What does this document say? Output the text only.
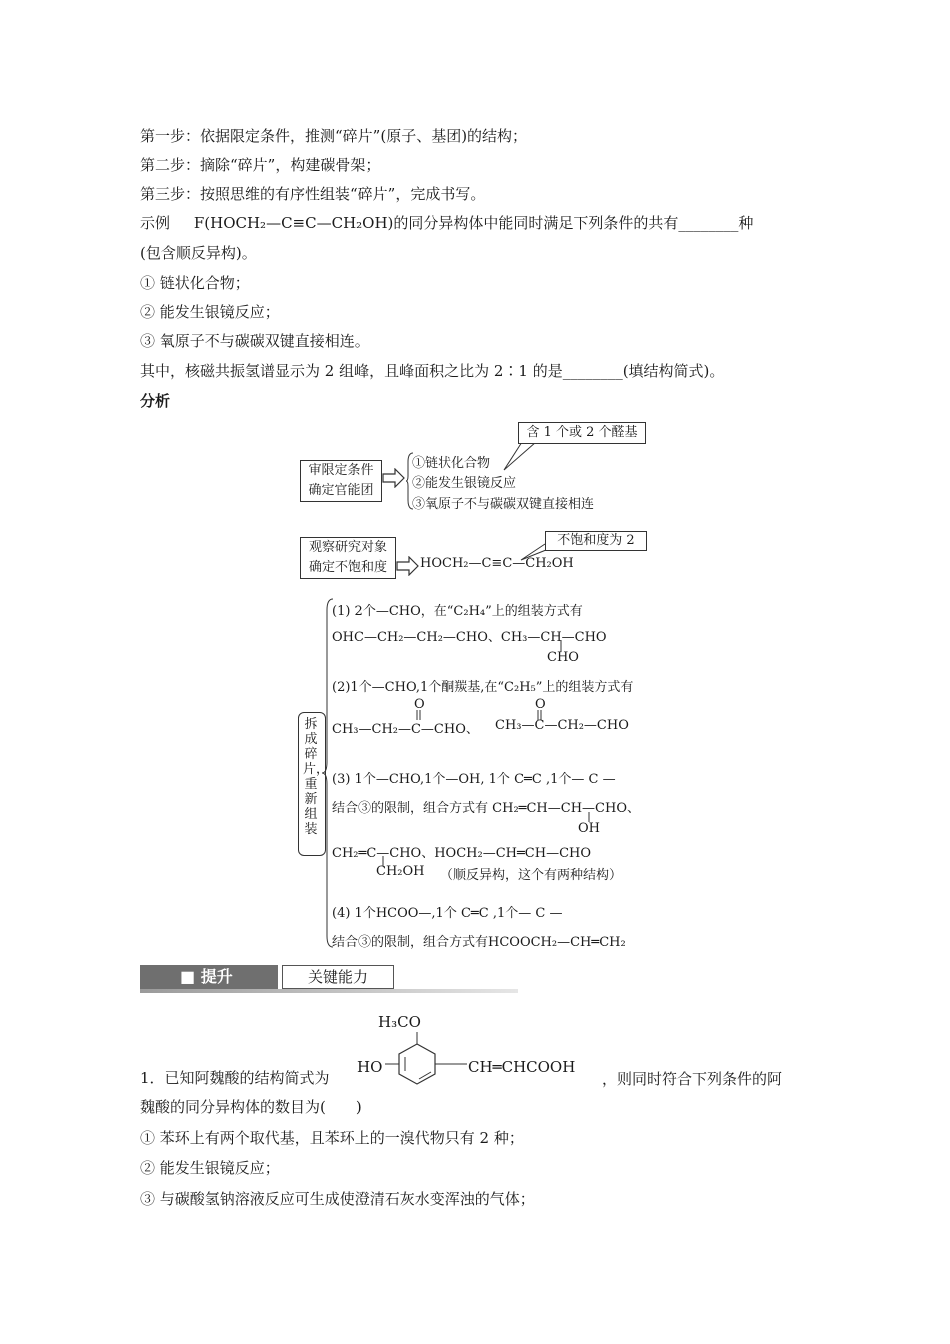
第一步：依据限定条件，推测“碎片”(原子、基团)的结构；
第二步：摘除“碎片”，构建碳骨架；
第三步：按照思维的有序性组装“碎片”，完成书写。
示例 F(HOCH₂—C≡C—CH₂OH)的同分异构体中能同时满足下列条件的共有________种
(包含顺反异构)。
① 链状化合物；
② 能发生银镜反应；
③ 氧原子不与碳碳双键直接相连。
其中，核磁共振氢谱显示为 2 组峰，且峰面积之比为 2∶1 的是________(填结构简式)。
分析
审限定条件
确定官能团
①链状化合物
②能发生银镜反应
③氧原子不与碳碳双键直接相连
含 1 个或 2 个醛基
观察研究对象
确定不饱和度	HOCH₂—C≡C—CH₂OH
不饱和度为 2
拆成碎片，重新组装
(1) 2个—CHO，在“C₂H₄”上的组装方式有
OHC—CH₂—CH₂—CHO、CH₃—CH—CHO
CHO
(2)1个—CHO,1个酮羰基,在“C₂H₅”上的组装方式有
O	O
CH₃—CH₂—C—CHO、 CH₃—C—CH₂—CHO
(3) 1个—CHO,1个—OH, 1个 C═C ,1个— C —
结合③的限制，组合方式有 CH₂═CH—CH—CHO、
OH
CH₂═C—CHO、HOCH₂—CH═CH—CHO
CH₂OH （顺反异构，这个有两种结构）
(4) 1个HCOO—,1个 C═C ,1个— C —
结合③的限制，组合方式有HCOOCH₂—CH═CH₂
■ 提升	关键能力
H₃CO
1．已知阿魏酸的结构简式为
HO	CH═CHCOOH
，则同时符合下列条件的阿
魏酸的同分异构体的数目为(　　)
① 苯环上有两个取代基，且苯环上的一溴代物只有 2 种；
② 能发生银镜反应；
③ 与碳酸氢钠溶液反应可生成使澄清石灰水变浑浊的气体；
